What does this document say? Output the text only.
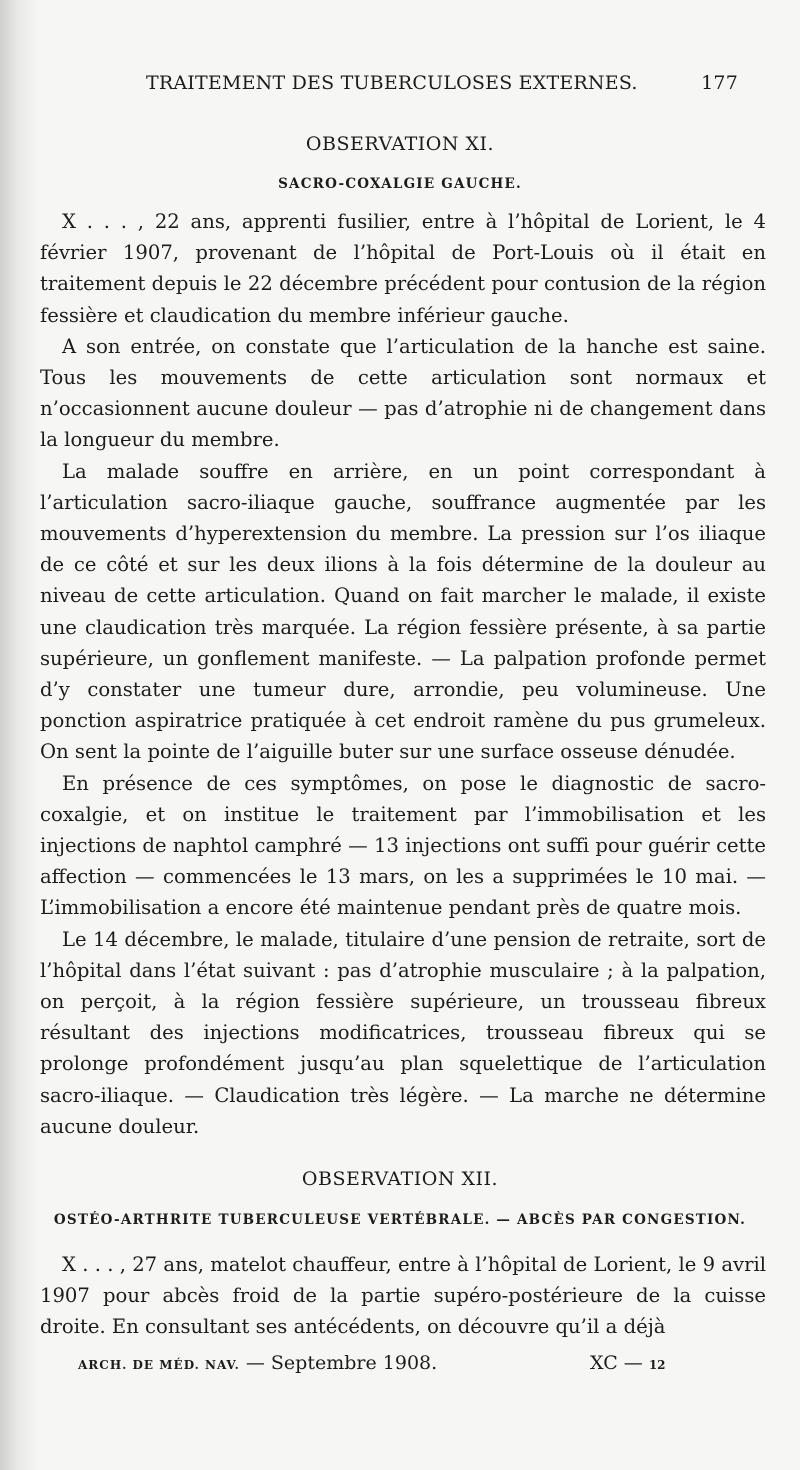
TRAITEMENT DES TUBERCULOSES EXTERNES.	177
OBSERVATION XI.
SACRO-COXALGIE GAUCHE.

X . . . , 22 ans, apprenti fusilier, entre à l’hôpital de Lorient, le 4 février 1907, provenant de l’hôpital de Port-Louis où il était en traitement depuis le 22 décembre précédent pour contusion de la région fessière et claudication du membre inférieur gauche.

A son entrée, on constate que l’articulation de la hanche est saine. Tous les mouvements de cette articulation sont normaux et n’occasionnent aucune douleur — pas d’atrophie ni de changement dans la longueur du membre.

La malade souffre en arrière, en un point correspondant à l’articulation sacro-iliaque gauche, souffrance augmentée par les mouvements d’hyperextension du membre. La pression sur l’os iliaque de ce côté et sur les deux ilions à la fois détermine de la douleur au niveau de cette articulation. Quand on fait marcher le malade, il existe une claudication très marquée. La région fessière présente, à sa partie supérieure, un gonflement manifeste. — La palpation profonde permet d’y constater une tumeur dure, arrondie, peu volumineuse. Une ponction aspiratrice pratiquée à cet endroit ramène du pus grumeleux. On sent la pointe de l’aiguille buter sur une surface osseuse dénudée.

En présence de ces symptômes, on pose le diagnostic de sacro-coxalgie, et on institue le traitement par l’immobilisation et les injections de naphtol camphré — 13 injections ont suffi pour guérir cette affection — commencées le 13 mars, on les a supprimées le 10 mai. — L’immobilisation a encore été maintenue pendant près de quatre mois.

Le 14 décembre, le malade, titulaire d’une pension de retraite, sort de l’hôpital dans l’état suivant : pas d’atrophie musculaire ; à la palpation, on perçoit, à la région fessière supérieure, un trousseau fibreux résultant des injections modificatrices, trousseau fibreux qui se prolonge profondément jusqu’au plan squelettique de l’articulation sacro-iliaque. — Claudication très légère. — La marche ne détermine aucune douleur.

OBSERVATION XII.
OSTÉO-ARTHRITE TUBERCULEUSE VERTÉBRALE. — ABCÈS PAR CONGESTION.

X . . . , 27 ans, matelot chauffeur, entre à l’hôpital de Lorient, le 9 avril 1907 pour abcès froid de la partie supéro-postérieure de la cuisse droite. En consultant ses antécédents, on découvre qu’il a déjà

ARCH. DE MÉD. NAV. — Septembre 1908.	XC — 12
